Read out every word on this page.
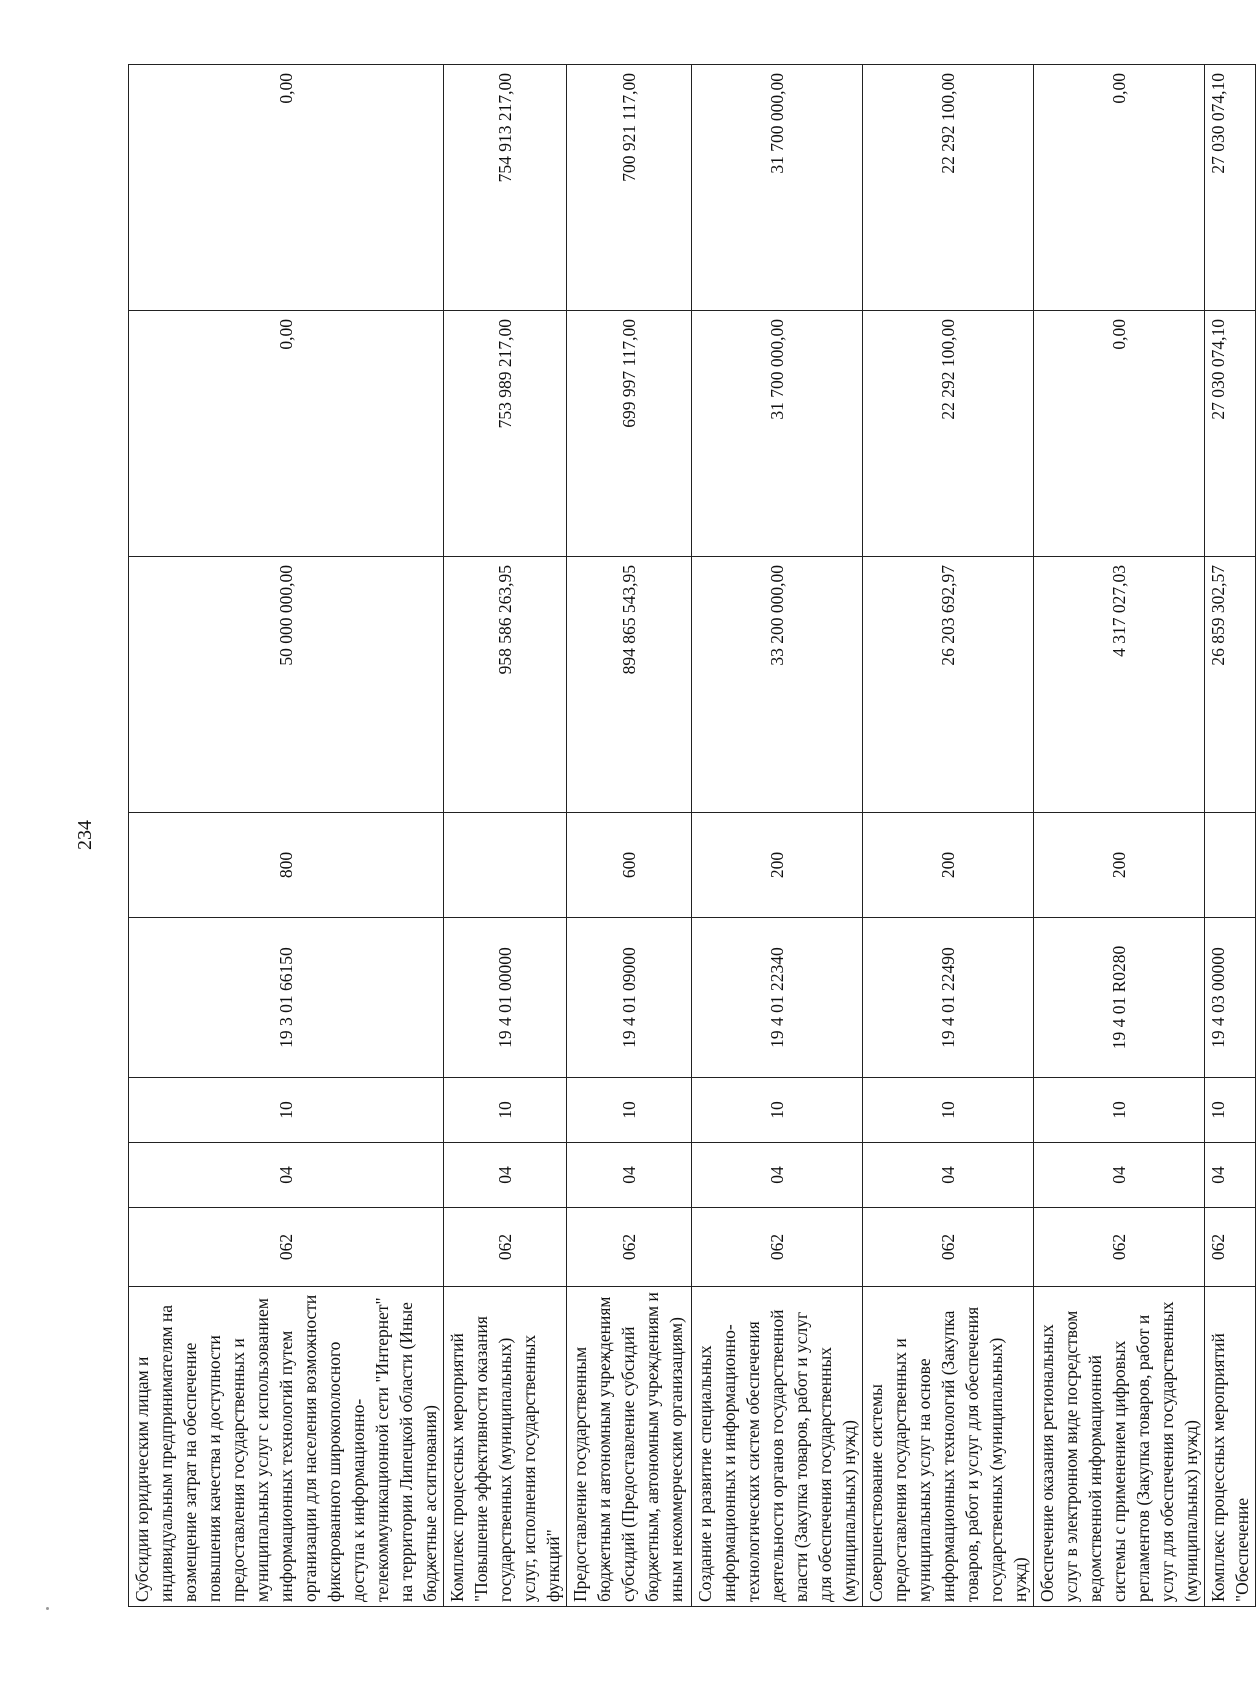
234
Субсидии юридическим лицам и индивидуальным предпринимателям на возмещение затрат на обеспечение повышения качества и доступности предоставления государственных и муниципальных услуг с использованием информационных технологий путем организации для населения возможности фиксированного широкополосного доступа к информационно-телекоммуникационной сети "Интернет" на территории Липецкой области (Иные бюджетные ассигнования)	062	04	10	19 3 01 66150	800	50 000 000,00	0,00	0,00
Комплекс процессных мероприятий "Повышение эффективности оказания государственных (муниципальных) услуг, исполнения государственных функций"	062	04	10	19 4 01 00000		958 586 263,95	753 989 217,00	754 913 217,00
Предоставление государственным бюджетным и автономным учреждениям субсидий (Предоставление субсидий бюджетным, автономным учреждениям и иным некоммерческим организациям)	062	04	10	19 4 01 09000	600	894 865 543,95	699 997 117,00	700 921 117,00
Создание и развитие специальных информационных и информационно-технологических систем обеспечения деятельности органов государственной власти (Закупка товаров, работ и услуг для обеспечения государственных (муниципальных) нужд)	062	04	10	19 4 01 22340	200	33 200 000,00	31 700 000,00	31 700 000,00
Совершенствование системы предоставления государственных и муниципальных услуг на основе информационных технологий (Закупка товаров, работ и услуг для обеспечения государственных (муниципальных) нужд)	062	04	10	19 4 01 22490	200	26 203 692,97	22 292 100,00	22 292 100,00
Обеспечение оказания региональных услуг в электронном виде посредством ведомственной информационной системы с применением цифровых регламентов (Закупка товаров, работ и услуг для обеспечения государственных (муниципальных) нужд)	062	04	10	19 4 01 R0280	200	4 317 027,03	0,00	0,00
Комплекс процессных мероприятий "Обеспечение	062	04	10	19 4 03 00000		26 859 302,57	27 030 074,10	27 030 074,10
